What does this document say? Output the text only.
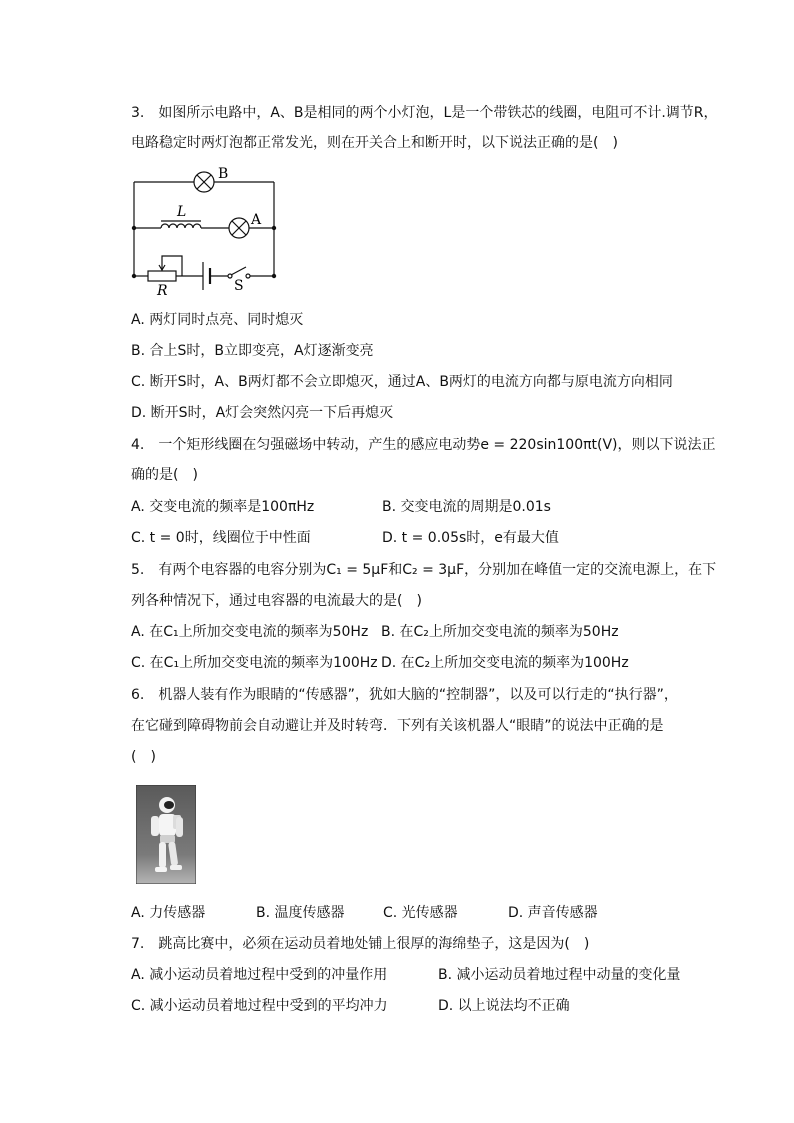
3.　如图所示电路中，A、B是相同的两个小灯泡，L是一个带铁芯的线圈，电阻可不计.调节R，
电路稳定时两灯泡都正常发光，则在开关合上和断开时，以下说法正确的是(　)
B
L	A
R	S
A. 两灯同时点亮、同时熄灭
B. 合上S时，B立即变亮，A灯逐渐变亮
C. 断开S时，A、B两灯都不会立即熄灭，通过A、B两灯的电流方向都与原电流方向相同
D. 断开S时，A灯会突然闪亮一下后再熄灭
4.　一个矩形线圈在匀强磁场中转动，产生的感应电动势e = 220sin100πt(V)，则以下说法正
确的是(　)
A. 交变电流的频率是100πHz	B. 交变电流的周期是0.01s
C. t = 0时，线圈位于中性面	D. t = 0.05s时，e有最大值
5.　有两个电容器的电容分别为C₁ = 5μF和C₂ = 3μF，分别加在峰值一定的交流电源上，在下
列各种情况下，通过电容器的电流最大的是(　)
A. 在C₁上所加交变电流的频率为50Hz B. 在C₂上所加交变电流的频率为50Hz
C. 在C₁上所加交变电流的频率为100Hz D. 在C₂上所加交变电流的频率为100Hz
6.　机器人装有作为眼睛的“传感器”，犹如大脑的“控制器”，以及可以行走的“执行器”，
在它碰到障碍物前会自动避让并及时转弯．下列有关该机器人“眼睛”的说法中正确的是
(　)
A. 力传感器	B. 温度传感器	C. 光传感器	D. 声音传感器
7.　跳高比赛中，必须在运动员着地处铺上很厚的海绵垫子，这是因为(　)
A. 减小运动员着地过程中受到的冲量作用	B. 减小运动员着地过程中动量的变化量
C. 减小运动员着地过程中受到的平均冲力	D. 以上说法均不正确
